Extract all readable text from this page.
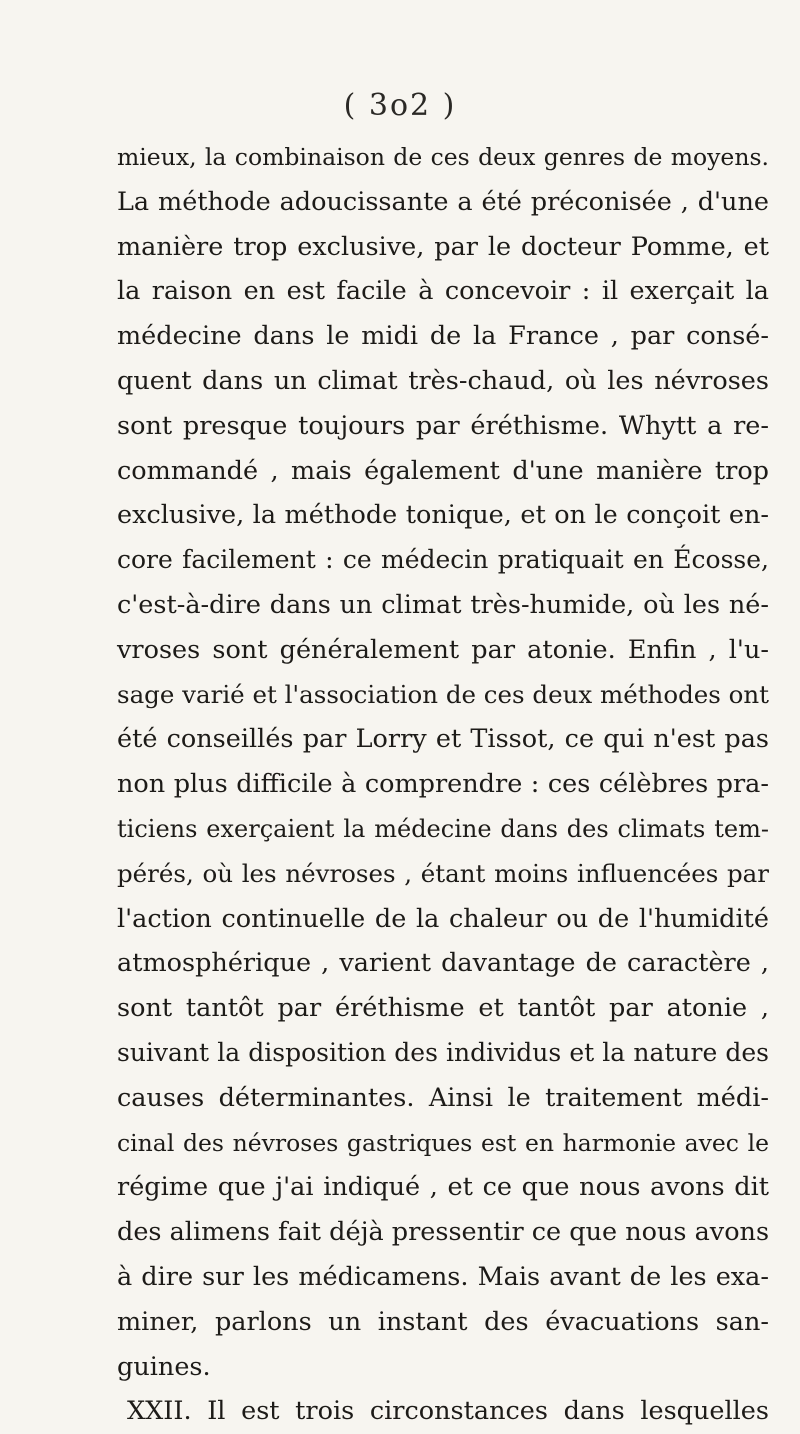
( 3o2 )
mieux, la combinaison de ces deux genres de moyens.
La méthode adoucissante a été préconisée , d'une
manière trop exclusive, par le docteur Pomme, et
la raison en est facile à concevoir : il exerçait la
médecine dans le midi de la France , par consé-
quent dans un climat très-chaud, où les névroses
sont presque toujours par éréthisme. Whytt a re-
commandé , mais également d'une manière trop
exclusive, la méthode tonique, et on le conçoit en-
core facilement : ce médecin pratiquait en Écosse,
c'est-à-dire dans un climat très-humide, où les né-
vroses sont généralement par atonie. Enfin , l'u-
sage varié et l'association de ces deux méthodes ont
été conseillés par Lorry et Tissot, ce qui n'est pas
non plus difficile à comprendre : ces célèbres pra-
ticiens exerçaient la médecine dans des climats tem-
pérés, où les névroses , étant moins influencées par
l'action continuelle de la chaleur ou de l'humidité
atmosphérique , varient davantage de caractère ,
sont tantôt par éréthisme et tantôt par atonie ,
suivant la disposition des individus et la nature des
causes déterminantes. Ainsi le traitement médi-
cinal des névroses gastriques est en harmonie avec le
régime que j'ai indiqué , et ce que nous avons dit
des alimens fait déjà pressentir ce que nous avons
à dire sur les médicamens. Mais avant de les exa-
miner, parlons un instant des évacuations san-
guines.
XXII. Il est trois circonstances dans lesquelles
